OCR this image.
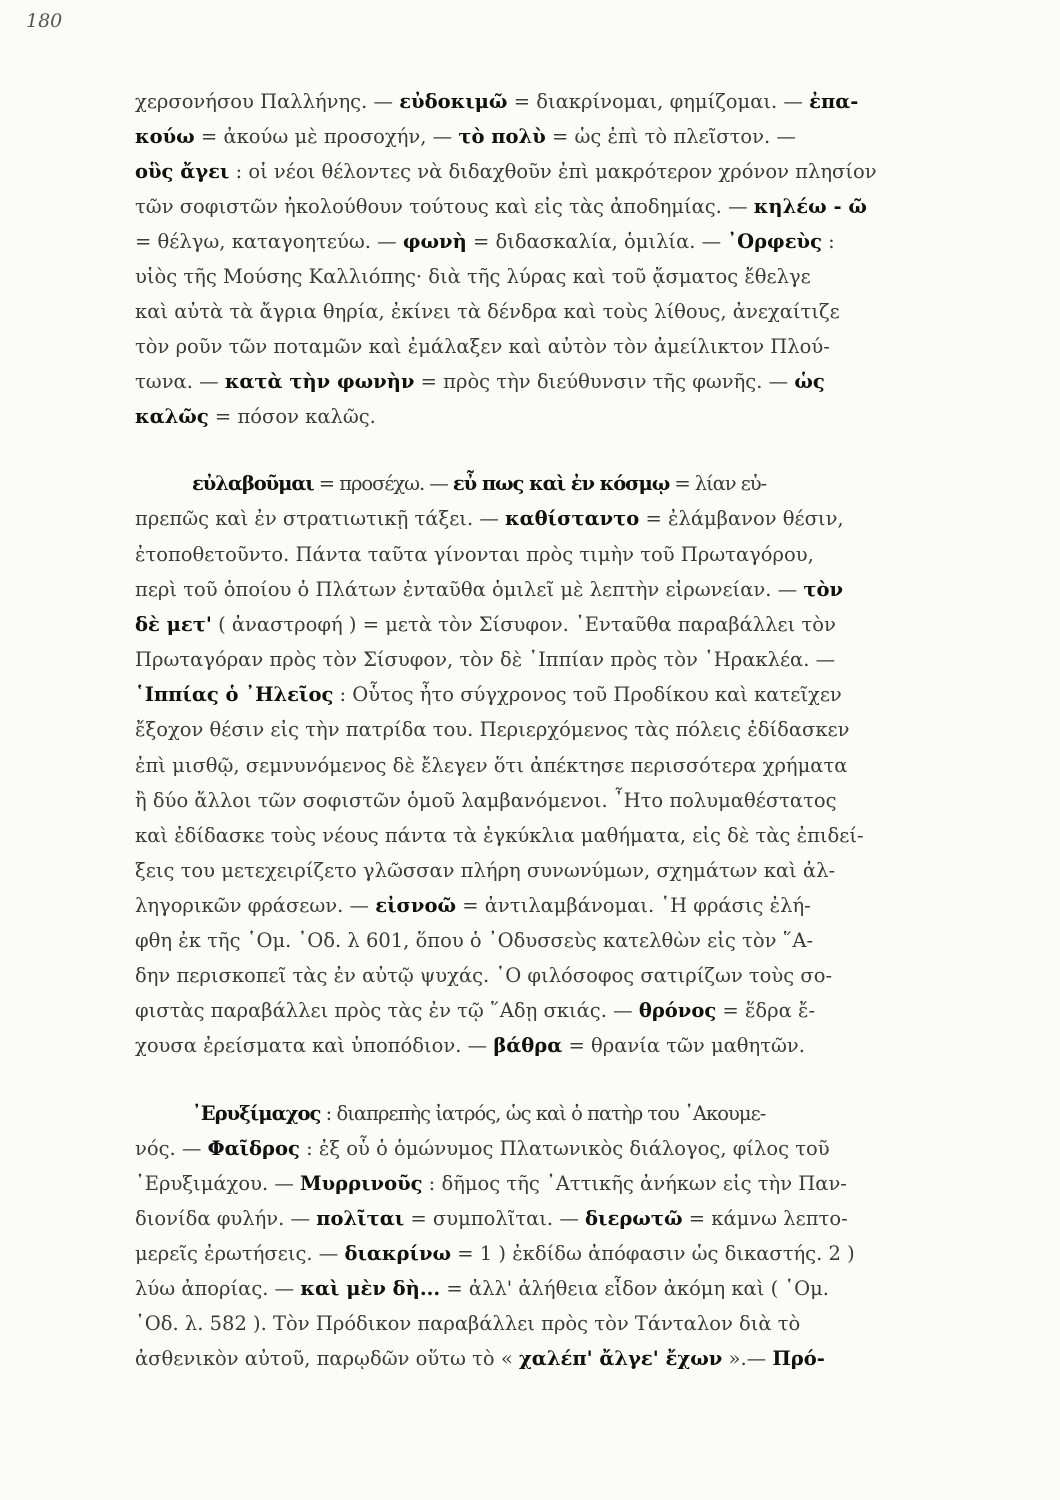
180
χερσονήσου Παλλήνης. — εὐδοκιμῶ = διακρίνομαι, φημίζομαι. — ἐπα-
κούω = ἀκούω μὲ προσοχήν, — τὸ πολὺ = ὡς ἐπὶ τὸ πλεῖστον. —
οὓς ἄγει : οἱ νέοι θέλοντες νὰ διδαχθοῦν ἐπὶ μακρότερον χρόνον πλησίον
τῶν σοφιστῶν ἠκολούθουν τούτους καὶ εἰς τὰς ἀποδημίας. — κηλέω - ῶ
= θέλγω, καταγοητεύω. — φωνὴ = διδασκαλία, ὁμιλία. — ᾿Ορφεὺς :
υἱὸς τῆς Μούσης Καλλιόπης· διὰ τῆς λύρας καὶ τοῦ ᾄσματος ἔθελγε
καὶ αὐτὰ τὰ ἄγρια θηρία, ἐκίνει τὰ δένδρα καὶ τοὺς λίθους, ἀνεχαίτιζε
τὸν ροῦν τῶν ποταμῶν καὶ ἐμάλαξεν καὶ αὐτὸν τὸν ἀμείλικτον Πλού-
τωνα. — κατὰ τὴν φωνὴν = πρὸς τὴν διεύθυνσιν τῆς φωνῆς. — ὡς
καλῶς = πόσον καλῶς.
εὐλαβοῦμαι = προσέχω. — εὖ πως καὶ ἐν κόσμῳ = λίαν εὐ-
πρεπῶς καὶ ἐν στρατιωτικῇ τάξει. — καθίσταντο = ἐλάμβανον θέσιν,
ἐτοποθετοῦντο. Πάντα ταῦτα γίνονται πρὸς τιμὴν τοῦ Πρωταγόρου,
περὶ τοῦ ὁποίου ὁ Πλάτων ἐνταῦθα ὁμιλεῖ μὲ λεπτὴν εἰρωνείαν. — τὸν
δὲ μετ' ( ἀναστροφή ) = μετὰ τὸν Σίσυφον. ᾿Ενταῦθα παραβάλλει τὸν
Πρωταγόραν πρὸς τὸν Σίσυφον, τὸν δὲ ῾Ιππίαν πρὸς τὸν ῾Ηρακλέα. —
῾Ιππίας ὁ ᾿Ηλεῖος : Οὗτος ἦτο σύγχρονος τοῦ Προδίκου καὶ κατεῖχεν
ἔξοχον θέσιν εἰς τὴν πατρίδα του. Περιερχόμενος τὰς πόλεις ἐδίδασκεν
ἐπὶ μισθῷ, σεμνυνόμενος δὲ ἔλεγεν ὅτι ἀπέκτησε περισσότερα χρήματα
ἢ δύο ἄλλοι τῶν σοφιστῶν ὁμοῦ λαμβανόμενοι. ῏Ητο πολυμαθέστατος
καὶ ἐδίδασκε τοὺς νέους πάντα τὰ ἐγκύκλια μαθήματα, εἰς δὲ τὰς ἐπιδεί-
ξεις του μετεχειρίζετο γλῶσσαν πλήρη συνωνύμων, σχημάτων καὶ ἀλ-
ληγορικῶν φράσεων. — εἰσνοῶ = ἀντιλαμβάνομαι. ῾Η φράσις ἐλή-
φθη ἐκ τῆς ῾Ομ. ᾿Οδ. λ 601, ὅπου ὁ ᾿Οδυσσεὺς κατελθὼν εἰς τὸν ῞Α-
δην περισκοπεῖ τὰς ἐν αὐτῷ ψυχάς. ῾Ο φιλόσοφος σατιρίζων τοὺς σο-
φιστὰς παραβάλλει πρὸς τὰς ἐν τῷ ῞Αδῃ σκιάς. — θρόνος = ἕδρα ἔ-
χουσα ἐρείσματα καὶ ὑποπόδιον. — βάθρα = θρανία τῶν μαθητῶν.
᾿Ερυξίμαχος : διαπρεπὴς ἰατρός, ὡς καὶ ὁ πατὴρ του ᾿Ακουμε-
νός. — Φαῖδρος : ἐξ οὗ ὁ ὁμώνυμος Πλατωνικὸς διάλογος, φίλος τοῦ
᾿Ερυξιμάχου. — Μυρρινοῦς : δῆμος τῆς ᾿Αττικῆς ἀνήκων εἰς τὴν Παν-
διονίδα φυλήν. — πολῖται = συμπολῖται. — διερωτῶ = κάμνω λεπτο-
μερεῖς ἐρωτήσεις. — διακρίνω = 1 ) ἐκδίδω ἀπόφασιν ὡς δικαστής. 2 )
λύω ἀπορίας. — καὶ μὲν δὴ... = ἀλλ' ἀλήθεια εἶδον ἀκόμη καὶ ( ῾Ομ.
᾿Οδ. λ. 582 ). Τὸν Πρόδικον παραβάλλει πρὸς τὸν Τάνταλον διὰ τὸ
ἀσθενικὸν αὐτοῦ, παρῳδῶν οὕτω τὸ « χαλέπ' ἄλγε' ἔχων ».— Πρό-
